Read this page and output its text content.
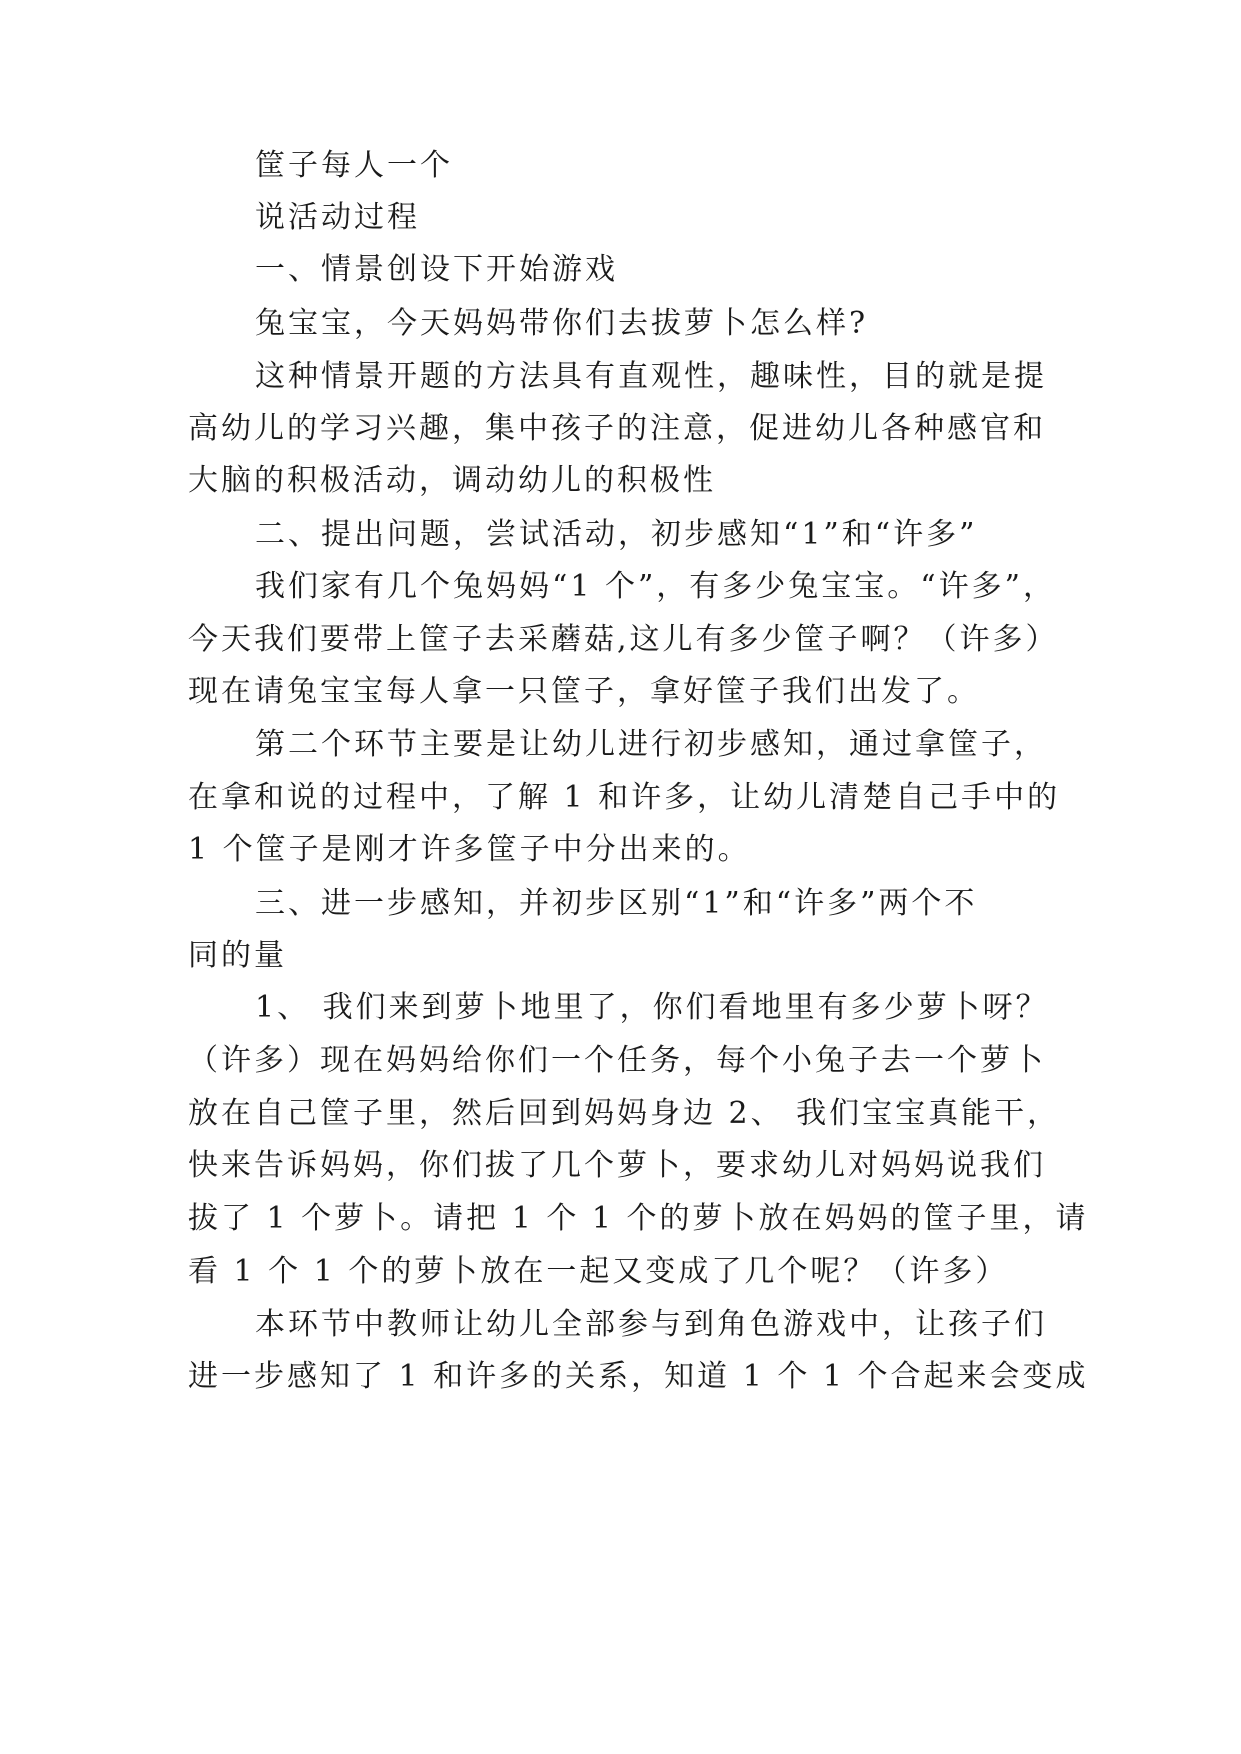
筐子每人一个
说活动过程
一、情景创设下开始游戏
兔宝宝，今天妈妈带你们去拔萝卜怎么样?
这种情景开题的方法具有直观性，趣味性，目的就是提
高幼儿的学习兴趣，集中孩子的注意，促进幼儿各种感官和
大脑的积极活动，调动幼儿的积极性
二、提出问题，尝试活动，初步感知“1”和“许多”
我们家有几个兔妈妈“1 个”，有多少兔宝宝。“许多”，
今天我们要带上筐子去采蘑菇,这儿有多少筐子啊？（许多）
现在请兔宝宝每人拿一只筐子，拿好筐子我们出发了。
第二个环节主要是让幼儿进行初步感知，通过拿筐子，
在拿和说的过程中，了解 1 和许多，让幼儿清楚自己手中的
1 个筐子是刚才许多筐子中分出来的。
三、进一步感知，并初步区别“1”和“许多”两个不
同的量
1、 我们来到萝卜地里了，你们看地里有多少萝卜呀？
（许多）现在妈妈给你们一个任务，每个小兔子去一个萝卜
放在自己筐子里，然后回到妈妈身边 2、 我们宝宝真能干，
快来告诉妈妈，你们拔了几个萝卜，要求幼儿对妈妈说我们
拔了 1 个萝卜。请把 1 个 1 个的萝卜放在妈妈的筐子里，请
看 1 个 1 个的萝卜放在一起又变成了几个呢？（许多）
本环节中教师让幼儿全部参与到角色游戏中，让孩子们
进一步感知了 1 和许多的关系，知道 1 个 1 个合起来会变成
